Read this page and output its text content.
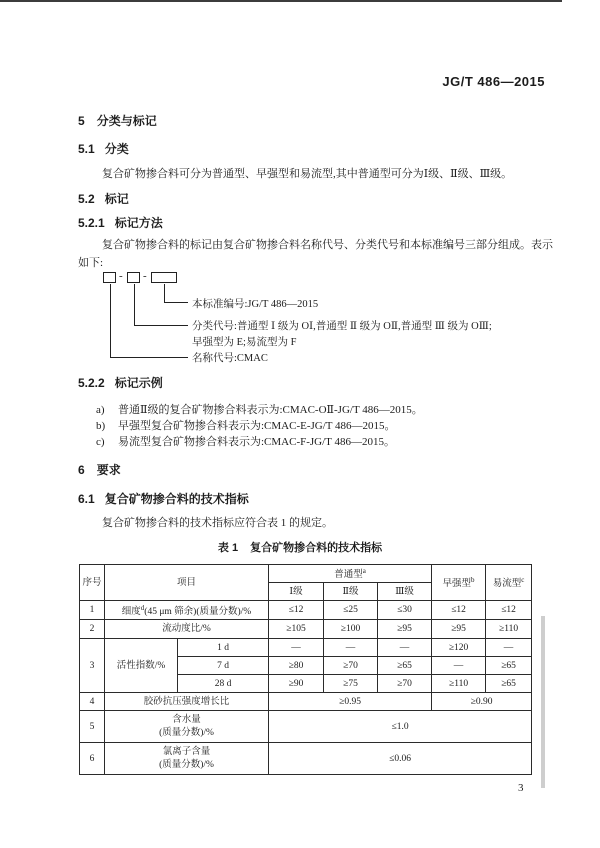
JG/T 486—2015
5 分类与标记
5.1 分类
复合矿物掺合料可分为普通型、早强型和易流型,其中普通型可分为Ⅰ级、Ⅱ级、Ⅲ级。
5.2 标记
5.2.1 标记方法
复合矿物掺合料的标记由复合矿物掺合料名称代号、分类代号和本标准编号三部分组成。表示
如下:
- -
本标准编号:JG/T 486—2015
分类代号:普通型 Ⅰ 级为 OⅠ,普通型 Ⅱ 级为 OⅡ,普通型 Ⅲ 级为 OⅢ;
早强型为 E;易流型为 F
名称代号:CMAC
5.2.2 标记示例
a) 普通Ⅱ级的复合矿物掺合料表示为:CMAC-OⅡ-JG/T 486—2015。
b) 早强型复合矿物掺合料表示为:CMAC-E-JG/T 486—2015。
c) 易流型复合矿物掺合料表示为:CMAC-F-JG/T 486—2015。
6 要求
6.1 复合矿物掺合料的技术指标
复合矿物掺合料的技术指标应符合表 1 的规定。
表 1 复合矿物掺合料的技术指标
序号	项目		普通型$^a$			早强型$^b$	易流型$^c$
			Ⅰ级	Ⅱ级	Ⅲ级		
1	细度$^d$(45 μm 筛余)(质量分数)/%		≤12	≤25	≤30	≤12	≤12
2	流动度比/%		≥105	≥100	≥95	≥95	≥110
3	活性指数/%	1 d	—	—	—	≥120	—
		7 d	≥80	≥70	≥65	—	≥65
		28 d	≥90	≥75	≥70	≥110	≥65
4	胶砂抗压强度增长比		≥0.95			≥0.90	
5	含水量
(质量分数)/%		≤1.0				
6	氯离子含量
(质量分数)/%		≤0.06				
3
